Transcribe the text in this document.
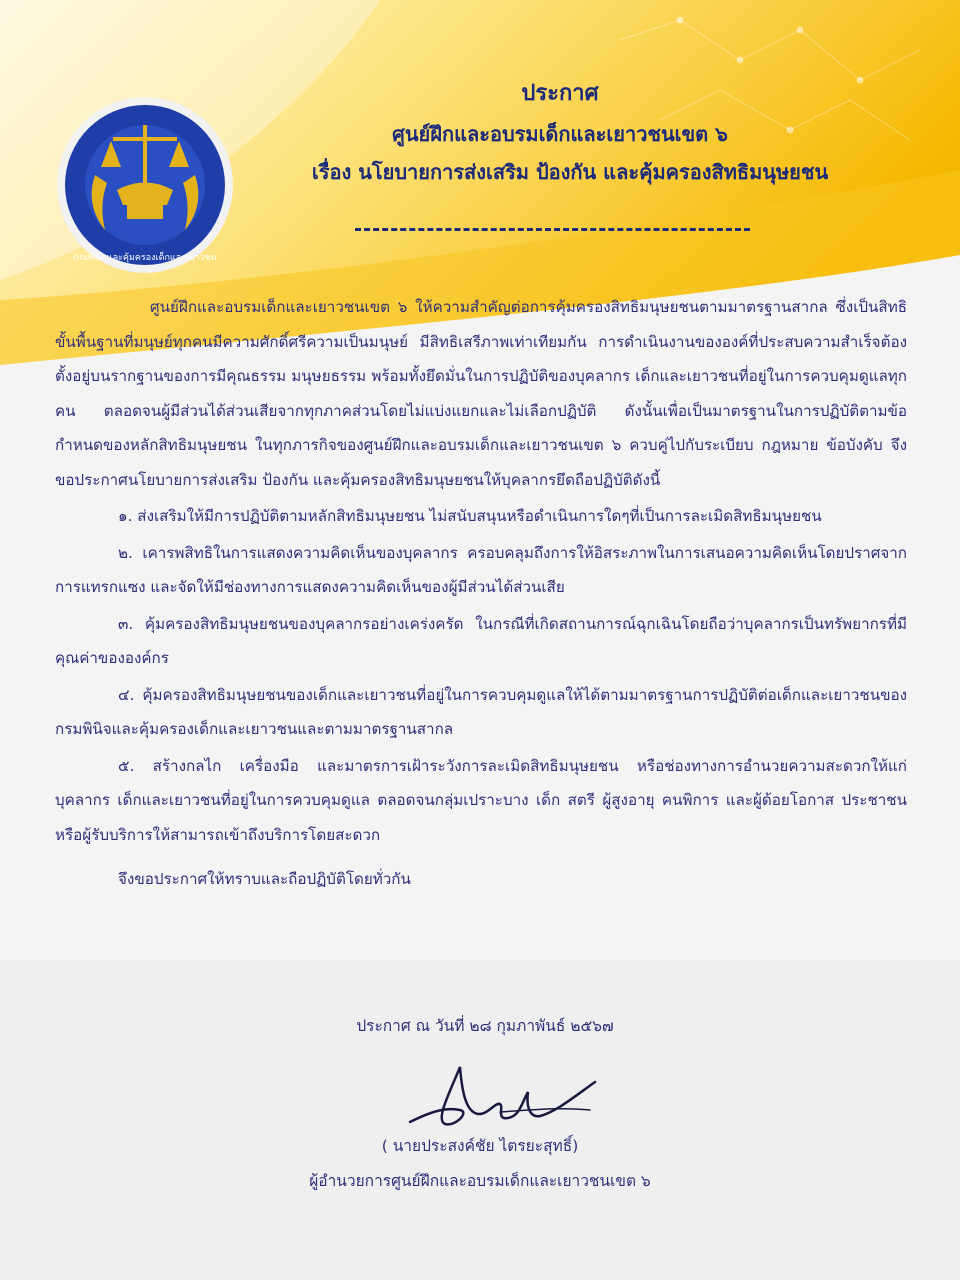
กรมพินิจและคุ้มครองเด็กและเยาวชน

ประกาศ

ศูนย์ฝึกและอบรมเด็กและเยาวชนเขต ๖

เรื่อง นโยบายการส่งเสริม ป้องกัน และคุ้มครองสิทธิมนุษยชน

ศูนย์ฝึกและอบรมเด็กและเยาวชนเขต ๖ ให้ความสำคัญต่อการคุ้มครองสิทธิมนุษยชนตามมาตรฐานสากล ซึ่งเป็นสิทธิขั้นพื้นฐานที่มนุษย์ทุกคนมีความศักดิ์ศรีความเป็นมนุษย์ มีสิทธิเสรีภาพเท่าเทียมกัน การดำเนินงานขององค์ที่ประสบความสำเร็จต้องตั้งอยู่บนรากฐานของการมีคุณธรรม มนุษยธรรม พร้อมทั้งยึดมั่นในการปฏิบัติของบุคลากร เด็กและเยาวชนที่อยู่ในการควบคุมดูแลทุกคน ตลอดจนผู้มีส่วนได้ส่วนเสียจากทุกภาคส่วนโดยไม่แบ่งแยกและไม่เลือกปฏิบัติ ดังนั้นเพื่อเป็นมาตรฐานในการปฏิบัติตามข้อกำหนดของหลักสิทธิมนุษยชน ในทุกภารกิจของศูนย์ฝึกและอบรมเด็กและเยาวชนเขต ๖ ควบคู่ไปกับระเบียบ กฎหมาย ข้อบังคับ จึงขอประกาศนโยบายการส่งเสริม ป้องกัน และคุ้มครองสิทธิมนุษยชนให้บุคลากรยึดถือปฏิบัติดังนี้

๑. ส่งเสริมให้มีการปฏิบัติตามหลักสิทธิมนุษยชน ไม่สนับสนุนหรือดำเนินการใดๆที่เป็นการละเมิดสิทธิมนุษยชน

๒. เคารพสิทธิในการแสดงความคิดเห็นของบุคลากร ครอบคลุมถึงการให้อิสระภาพในการเสนอความคิดเห็นโดยปราศจากการแทรกแซง และจัดให้มีช่องทางการแสดงความคิดเห็นของผู้มีส่วนได้ส่วนเสีย

๓. คุ้มครองสิทธิมนุษยชนของบุคลากรอย่างเคร่งครัด ในกรณีที่เกิดสถานการณ์ฉุกเฉินโดยถือว่าบุคลากรเป็นทรัพยากรที่มีคุณค่าขององค์กร

๔. คุ้มครองสิทธิมนุษยชนของเด็กและเยาวชนที่อยู่ในการควบคุมดูแลให้ได้ตามมาตรฐานการปฏิบัติต่อเด็กและเยาวชนของกรมพินิจและคุ้มครองเด็กและเยาวชนและตามมาตรฐานสากล

๕. สร้างกลไก เครื่องมือ และมาตรการเฝ้าระวังการละเมิดสิทธิมนุษยชน หรือช่องทางการอำนวยความสะดวกให้แก่บุคลากร เด็กและเยาวชนที่อยู่ในการควบคุมดูแล ตลอดจนกลุ่มเปราะบาง เด็ก สตรี ผู้สูงอายุ คนพิการ และผู้ด้อยโอกาส ประชาชนหรือผู้รับบริการให้สามารถเข้าถึงบริการโดยสะดวก

จึงขอประกาศให้ทราบและถือปฏิบัติโดยทั่วกัน

ประกาศ ณ วันที่ ๒๘ กุมภาพันธ์ ๒๕๖๗
( นายประสงค์ชัย ไตรยะสุทธิ์)
ผู้อำนวยการศูนย์ฝึกและอบรมเด็กและเยาวชนเขต ๖
